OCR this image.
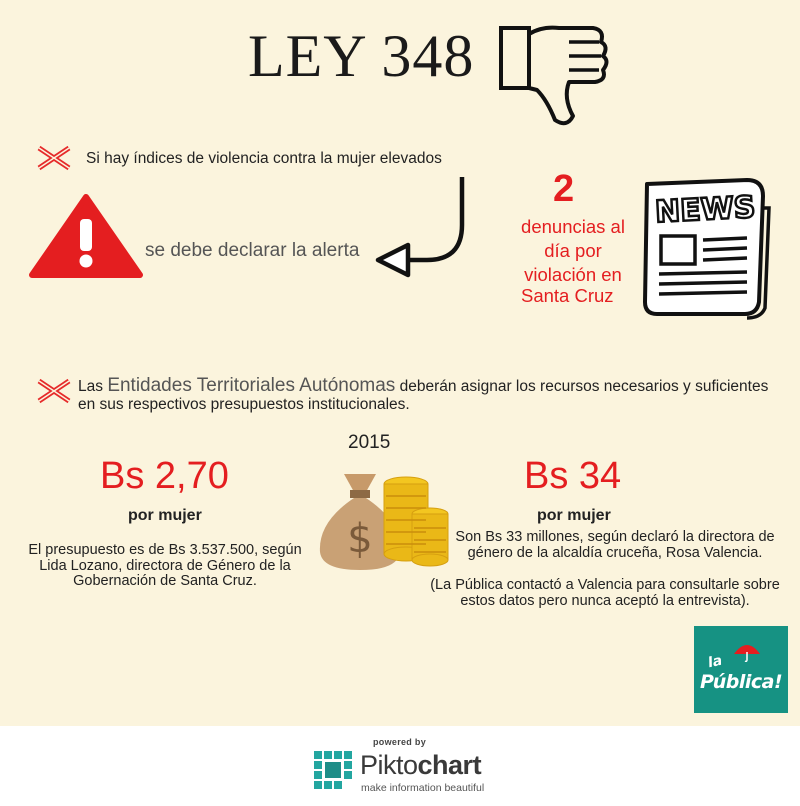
LEY 348
Si hay índices de violencia contra la mujer elevados
se debe declarar la alerta
2
denuncias al día por violación en
Santa Cruz
NEWS
Las Entidades Territoriales Autónomas deberán asignar los recursos necesarios y suficientes en sus respectivos presupuestos institucionales.
2015
$
Bs 2,70
por mujer
El presupuesto es de Bs 3.537.500, según Lida Lozano, directora de Género de la Gobernación de Santa Cruz.
Bs 34
por mujer
Son Bs 33 millones, según declaró la directora de género de la alcaldía cruceña, Rosa Valencia.
(La Pública contactó a Valencia para consultarle sobre estos datos pero nunca aceptó la entrevista).
la
Pública!
powered by
Piktochart
make information beautiful
